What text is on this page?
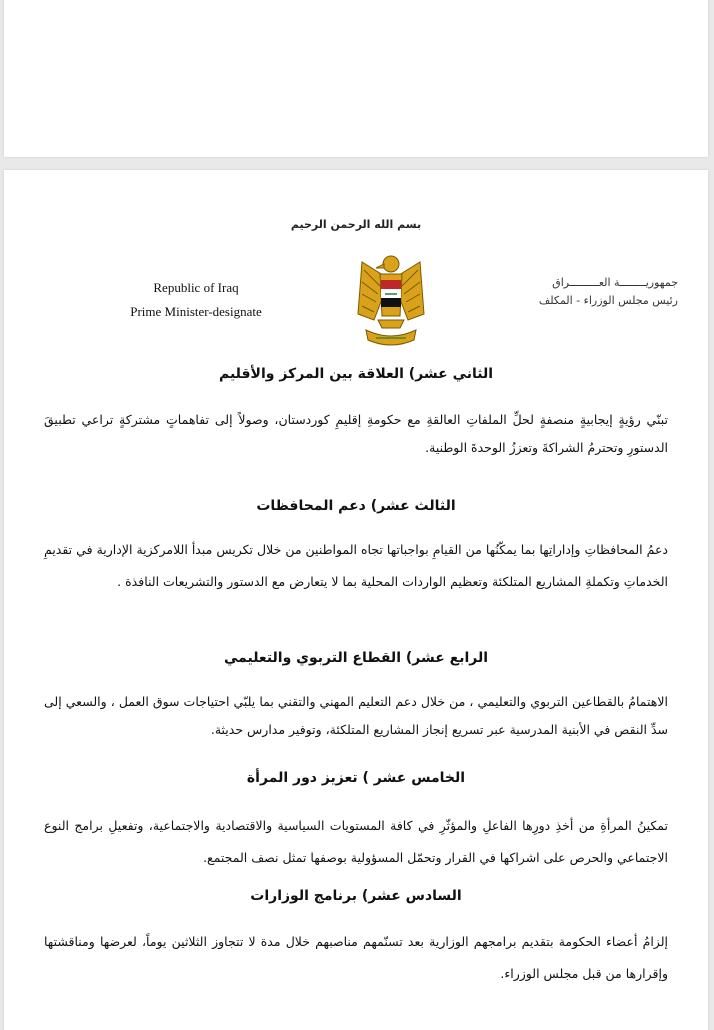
بسم الله الرحمن الرحيم
Republic of Iraq
Prime Minister-designate
جمهوريــــــــة العـــــــــراق
رئيس مجلس الوزراء - المكلف
الثاني عشر) العلاقة بين المركز والأقليم
تبنّي رؤيةٍ إيجابيةٍ منصفةٍ لحلِّ الملفاتِ العالقةِ مع حكومةِ إقليمِ كوردستان، وصولاً إلى تفاهماتٍ مشتركةٍ تراعي تطبيقَ الدستورِ وتحترمُ الشراكةَ وتعززُ الوحدةَ الوطنية.
الثالث عشر) دعم المحافظات
دعمُ المحافظاتِ وإداراتِها بما يمكّنُها من القيامِ بواجباتها تجاه المواطنين من خلال تكريس مبدأ اللامركزية الإدارية في تقديمِ الخدماتِ وتكملةِ المشاريع المتلكئة وتعظيم الواردات المحلية بما لا يتعارض مع الدستور والتشريعات النافذة .
الرابع عشر) القطاع التربوي والتعليمي
الاهتمامُ بالقطاعين التربوي والتعليمي ، من خلال دعم التعليم المهني والتقني بما يلبّي احتياجات سوق العمل ، والسعي إلى سدِّ النقص في الأبنية المدرسية عبر تسريع إنجاز المشاريع المتلكئة، وتوفير مدارس حديثة.
الخامس عشر ) تعزيز دور المرأة
تمكينُ المرأةِ من أخذِ دورِها الفاعلِ والمؤثّرِ في كافة المستويات السياسية والاقتصادية والاجتماعية، وتفعيلِ برامج النوع الاجتماعي والحرص على اشراكها في القرار وتحمّل المسؤولية بوصفها تمثل نصف المجتمع.
السادس عشر) برنامج الوزارات
إلزامُ أعضاء الحكومة بتقديم برامجهم الوزارية بعد تسنّمهم مناصبهم خلال مدة لا تتجاوز الثلاثين يوماً، لعرضها ومناقشتها وإقرارها من قبل مجلس الوزراء.
